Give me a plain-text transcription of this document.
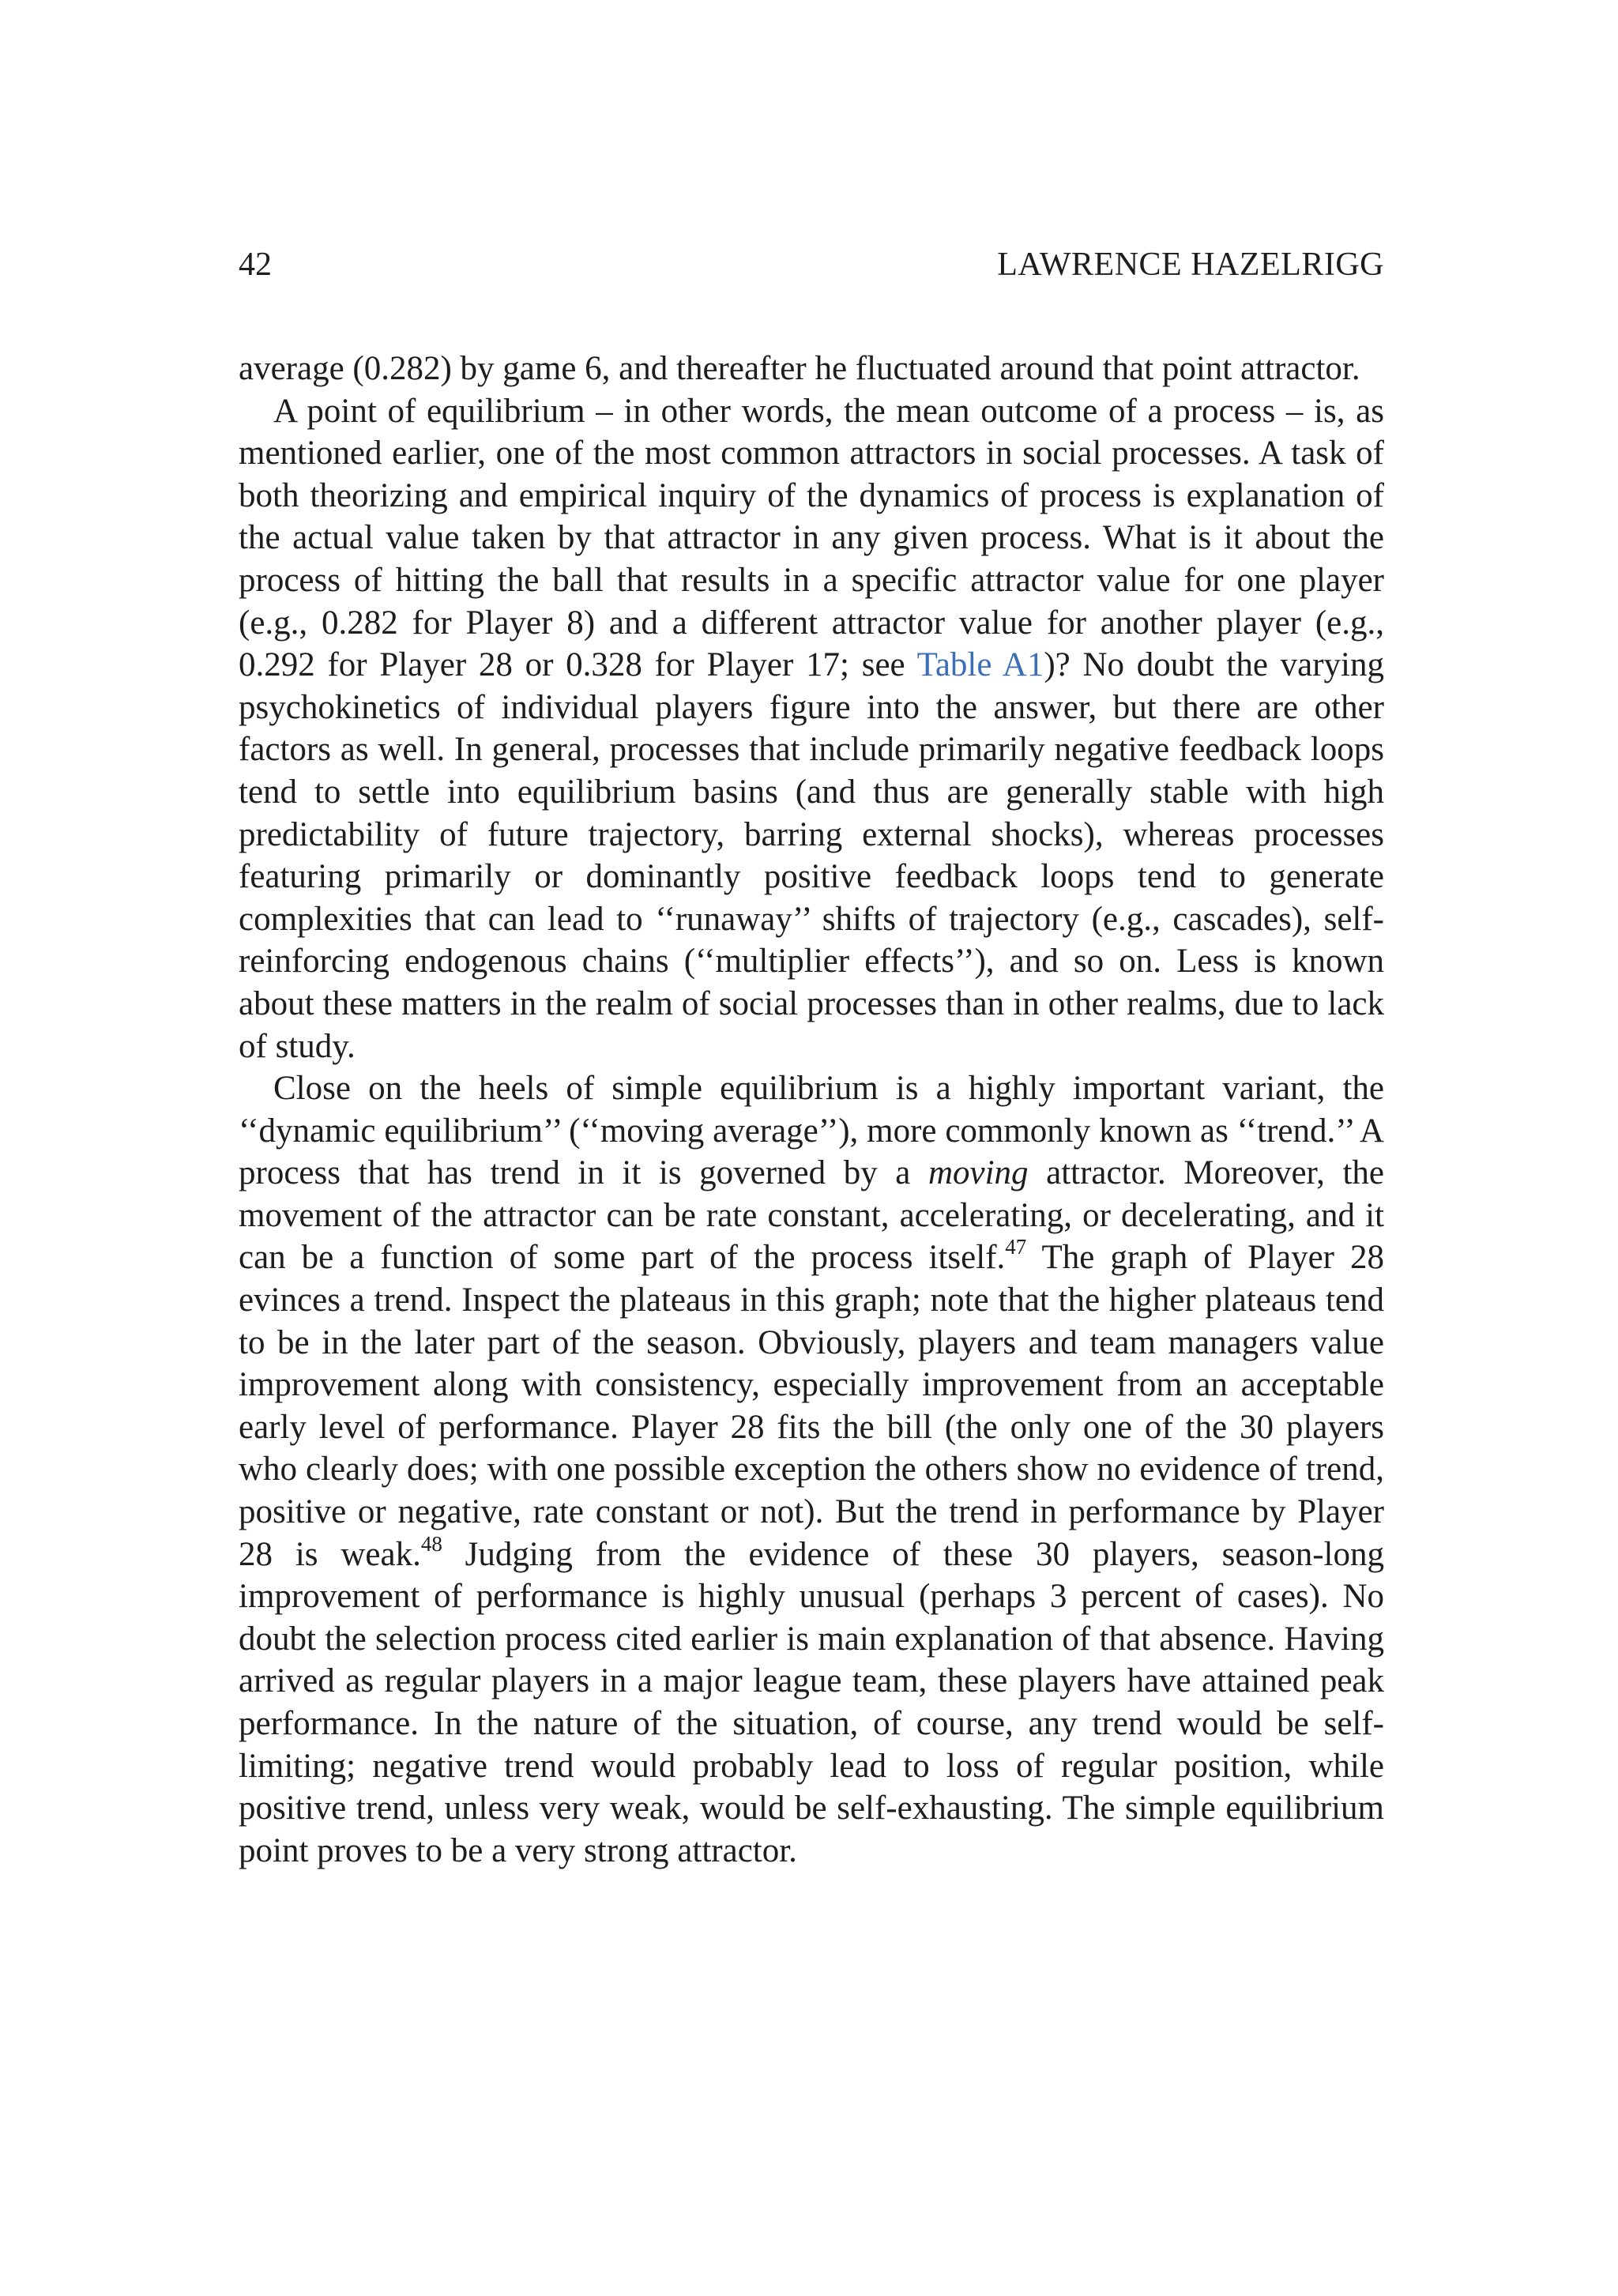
42	LAWRENCE HAZELRIGG

average (0.282) by game 6, and thereafter he fluctuated around that point attractor.

A point of equilibrium – in other words, the mean outcome of a process – is, as mentioned earlier, one of the most common attractors in social processes. A task of both theorizing and empirical inquiry of the dynamics of process is explanation of the actual value taken by that attractor in any given process. What is it about the process of hitting the ball that results in a specific attractor value for one player (e.g., 0.282 for Player 8) and a different attractor value for another player (e.g., 0.292 for Player 28 or 0.328 for Player 17; see Table A1)? No doubt the varying psychokinetics of individual players figure into the answer, but there are other factors as well. In general, processes that include primarily negative feedback loops tend to settle into equilibrium basins (and thus are generally stable with high predictability of future trajectory, barring external shocks), whereas processes featuring primarily or dominantly positive feedback loops tend to generate complexities that can lead to ‘‘runaway’’ shifts of trajectory (e.g., cascades), self-reinforcing endogenous chains (‘‘multiplier effects’’), and so on. Less is known about these matters in the realm of social processes than in other realms, due to lack of study.

Close on the heels of simple equilibrium is a highly important variant, the ‘‘dynamic equilibrium’’ (‘‘moving average’’), more commonly known as ‘‘trend.’’ A process that has trend in it is governed by a moving attractor. Moreover, the movement of the attractor can be rate constant, accelerating, or decelerating, and it can be a function of some part of the process itself.$^{47}$ The graph of Player 28 evinces a trend. Inspect the plateaus in this graph; note that the higher plateaus tend to be in the later part of the season. Obviously, players and team managers value improvement along with consistency, especially improvement from an acceptable early level of performance. Player 28 fits the bill (the only one of the 30 players who clearly does; with one possible exception the others show no evidence of trend, positive or negative, rate constant or not). But the trend in performance by Player 28 is weak.$^{48}$ Judging from the evidence of these 30 players, season-long improvement of performance is highly unusual (perhaps 3 percent of cases). No doubt the selection process cited earlier is main explanation of that absence. Having arrived as regular players in a major league team, these players have attained peak performance. In the nature of the situation, of course, any trend would be self-limiting; negative trend would probably lead to loss of regular position, while positive trend, unless very weak, would be self-exhausting. The simple equilibrium point proves to be a very strong attractor.
